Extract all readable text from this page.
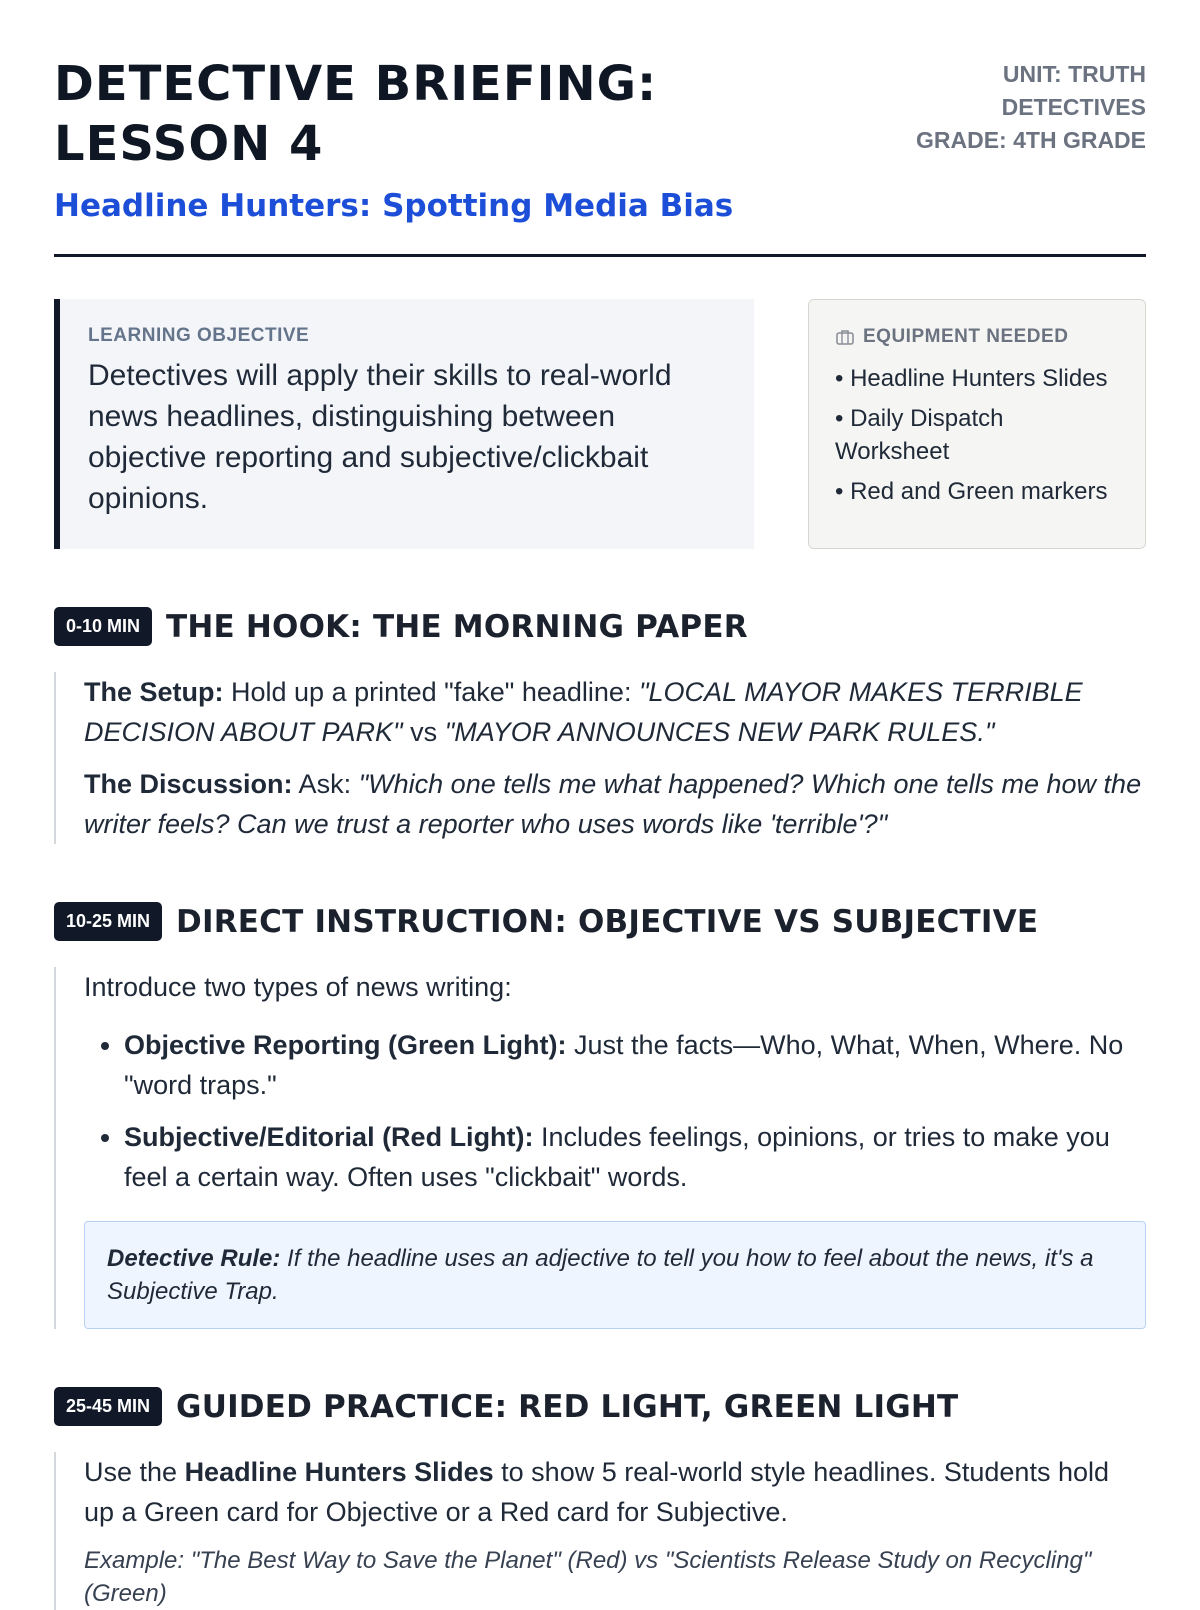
DETECTIVE BRIEFING: LESSON 4
Headline Hunters: Spotting Media Bias
UNIT: TRUTH
DETECTIVES
GRADE: 4TH GRADE
LEARNING OBJECTIVE
Detectives will apply their skills to real-world news headlines, distinguishing between objective reporting and subjective/clickbait opinions.
EQUIPMENT NEEDED
• Headline Hunters Slides
• Daily Dispatch Worksheet
• Red and Green markers
0-10 MIN THE HOOK: THE MORNING PAPER

The Setup: Hold up a printed "fake" headline: "LOCAL MAYOR MAKES TERRIBLE DECISION ABOUT PARK" vs "MAYOR ANNOUNCES NEW PARK RULES."

The Discussion: Ask: "Which one tells me what happened? Which one tells me how the writer feels? Can we trust a reporter who uses words like 'terrible'?"

10-25 MIN DIRECT INSTRUCTION: OBJECTIVE VS SUBJECTIVE

Introduce two types of news writing:

• Objective Reporting (Green Light): Just the facts—Who, What, When, Where. No "word traps."
• Subjective/Editorial (Red Light): Includes feelings, opinions, or tries to make you feel a certain way. Often uses "clickbait" words.
Detective Rule: If the headline uses an adjective to tell you how to feel about the news, it's a Subjective Trap.
25-45 MIN GUIDED PRACTICE: RED LIGHT, GREEN LIGHT

Use the Headline Hunters Slides to show 5 real-world style headlines. Students hold up a Green card for Objective or a Red card for Subjective.

Example: "The Best Way to Save the Planet" (Red) vs "Scientists Release Study on Recycling" (Green)
